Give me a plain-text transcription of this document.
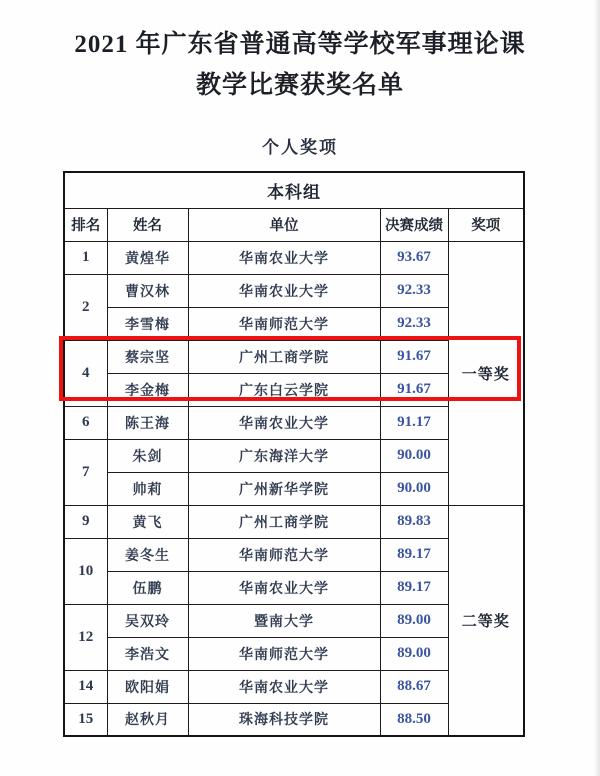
2021 年广东省普通高等学校军事理论课
教学比赛获奖名单
个人奖项
本科组				
排名	姓名	单位	决赛成绩	奖项
1	黄煌华	华南农业大学	93.67	一等奖
2	曹汉林	华南农业大学	92.33	
	李雪梅	华南师范大学	92.33	
4	蔡宗坚	广州工商学院	91.67	
	李金梅	广东白云学院	91.67	
6	陈王海	华南农业大学	91.17	
7	朱剑	广东海洋大学	90.00	
	帅莉	广州新华学院	90.00	
9	黄飞	广州工商学院	89.83	二等奖
10	姜冬生	华南师范大学	89.17	
	伍鹏	华南农业大学	89.17	
12	吴双玲	暨南大学	89.00	
	李浩文	华南师范大学	89.00	
14	欧阳娟	华南农业大学	88.67	
15	赵秋月	珠海科技学院	88.50	
